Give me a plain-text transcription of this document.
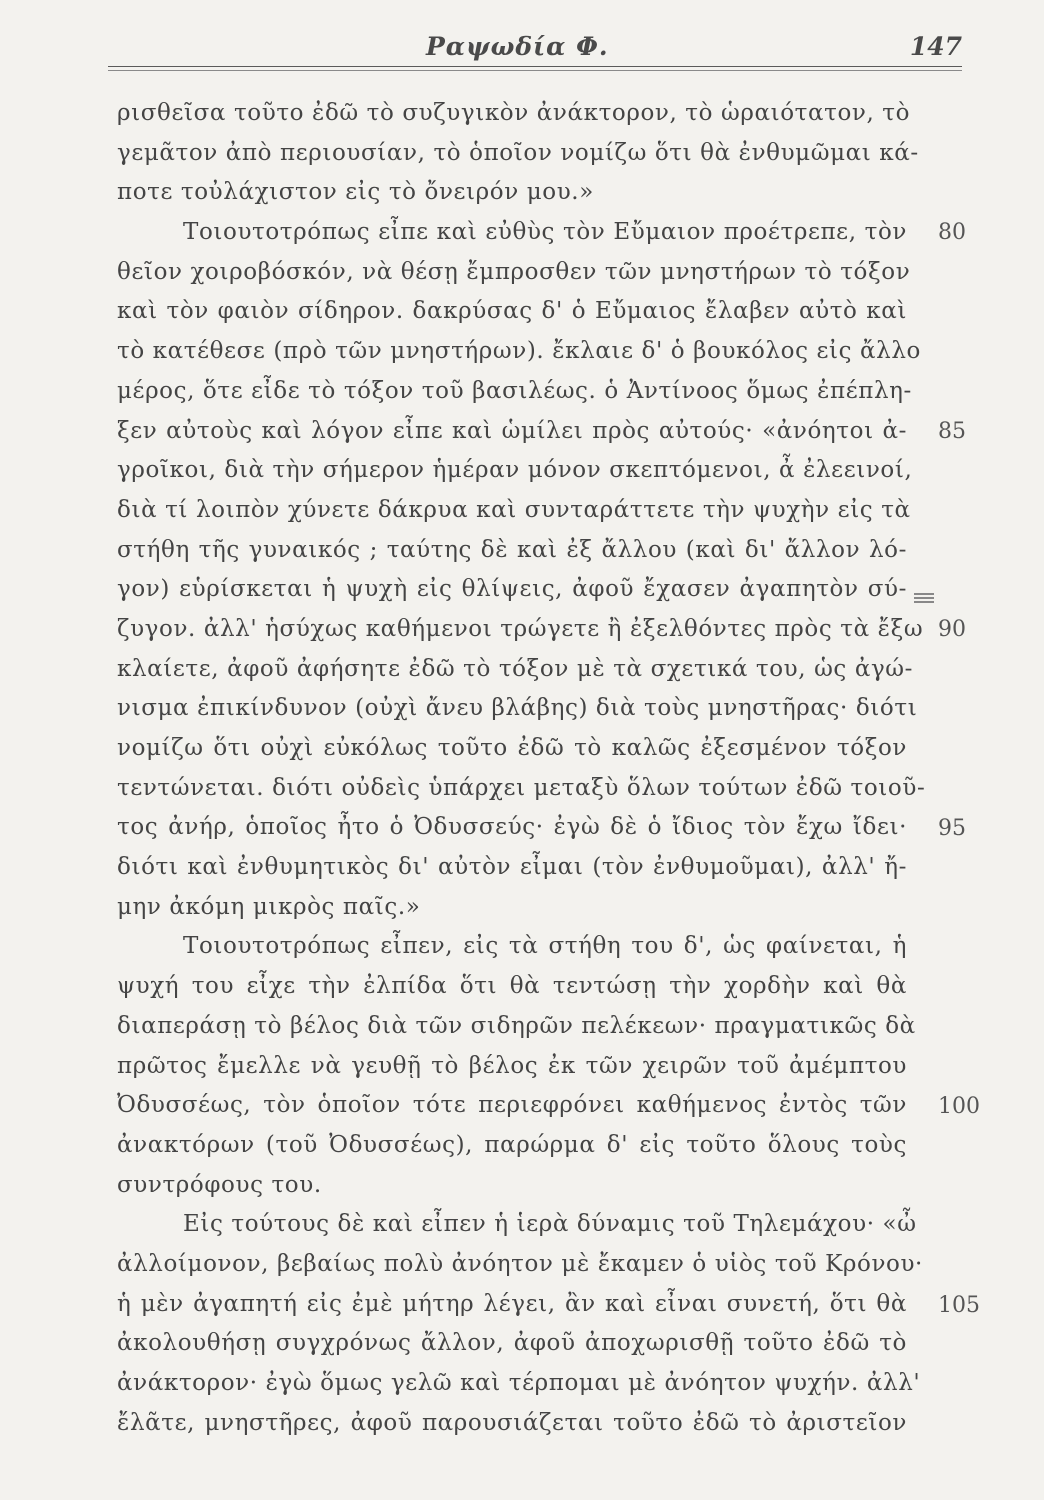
Ραψωδία Φ.	147
ρισθεῖσα τοῦτο ἐδῶ τὸ συζυγικὸν ἀνάκτορον, τὸ ὡραιότατον, τὸ
γεμᾶτον ἀπὸ περιουσίαν, τὸ ὁποῖον νομίζω ὅτι θὰ ἐνθυμῶμαι κά-
ποτε τοὐλάχιστον εἰς τὸ ὄνειρόν μου.»
Τοιουτοτρόπως εἶπε καὶ εὐθὺς τὸν Εὔμαιον προέτρεπε, τὸν
θεῖον χοιροβόσκόν, νὰ θέσῃ ἔμπροσθεν τῶν μνηστήρων τὸ τόξον
καὶ τὸν φαιὸν σίδηρον. δακρύσας δ' ὁ Εὔμαιος ἔλαβεν αὐτὸ καὶ
τὸ κατέθεσε (πρὸ τῶν μνηστήρων). ἔκλαιε δ' ὁ βουκόλος εἰς ἄλλο
μέρος, ὅτε εἶδε τὸ τόξον τοῦ βασιλέως. ὁ Ἀντίνοος ὅμως ἐπέπλη-
ξεν αὐτοὺς καὶ λόγον εἶπε καὶ ὡμίλει πρὸς αὐτούς· «ἀνόητοι ἀ-
γροῖκοι, διὰ τὴν σήμερον ἡμέραν μόνον σκεπτόμενοι, ἆ ἐλεεινοί,
διὰ τί λοιπὸν χύνετε δάκρυα καὶ συνταράττετε τὴν ψυχὴν εἰς τὰ
στήθη τῆς γυναικός ; ταύτης δὲ καὶ ἐξ ἄλλου (καὶ δι' ἄλλον λό-
γον) εὑρίσκεται ἡ ψυχὴ εἰς θλίψεις, ἀφοῦ ἔχασεν ἀγαπητὸν σύ-
ζυγον. ἀλλ' ἡσύχως καθήμενοι τρώγετε ἢ ἐξελθόντες πρὸς τὰ ἔξω
κλαίετε, ἀφοῦ ἀφήσητε ἐδῶ τὸ τόξον μὲ τὰ σχετικά του, ὡς ἀγώ-
νισμα ἐπικίνδυνον (οὐχὶ ἄνευ βλάβης) διὰ τοὺς μνηστῆρας· διότι
νομίζω ὅτι οὐχὶ εὐκόλως τοῦτο ἐδῶ τὸ καλῶς ἐξεσμένον τόξον
τεντώνεται. διότι οὐδεὶς ὑπάρχει μεταξὺ ὅλων τούτων ἐδῶ τοιοῦ-
τος ἀνήρ, ὁποῖος ἦτο ὁ Ὀδυσσεύς· ἐγὼ δὲ ὁ ἴδιος τὸν ἔχω ἴδει·
διότι καὶ ἐνθυμητικὸς δι' αὐτὸν εἶμαι (τὸν ἐνθυμοῦμαι), ἀλλ' ἤ-
μην ἀκόμη μικρὸς παῖς.»
Τοιουτοτρόπως εἶπεν, εἰς τὰ στήθη του δ', ὡς φαίνεται, ἡ
ψυχή του εἶχε τὴν ἐλπίδα ὅτι θὰ τεντώσῃ τὴν χορδὴν καὶ θὰ
διαπεράσῃ τὸ βέλος διὰ τῶν σιδηρῶν πελέκεων· πραγματικῶς δὰ
πρῶτος ἔμελλε νὰ γευθῇ τὸ βέλος ἐκ τῶν χειρῶν τοῦ ἀμέμπτου
Ὀδυσσέως, τὸν ὁποῖον τότε περιεφρόνει καθήμενος ἐντὸς τῶν
ἀνακτόρων (τοῦ Ὀδυσσέως), παρώρμα δ' εἰς τοῦτο ὅλους τοὺς
συντρόφους του.
Εἰς τούτους δὲ καὶ εἶπεν ἡ ἱερὰ δύναμις τοῦ Τηλεμάχου· «ὦ
ἀλλοίμονον, βεβαίως πολὺ ἀνόητον μὲ ἔκαμεν ὁ υἱὸς τοῦ Κρόνου·
ἡ μὲν ἀγαπητή εἰς ἐμὲ μήτηρ λέγει, ἂν καὶ εἶναι συνετή, ὅτι θὰ
ἀκολουθήσῃ συγχρόνως ἄλλον, ἀφοῦ ἀποχωρισθῇ τοῦτο ἐδῶ τὸ
ἀνάκτορον· ἐγὼ ὅμως γελῶ καὶ τέρπομαι μὲ ἀνόητον ψυχήν. ἀλλ'
ἔλᾶτε, μνηστῆρες, ἀφοῦ παρουσιάζεται τοῦτο ἐδῶ τὸ ἀριστεῖον
80
85
90
95
100
105
